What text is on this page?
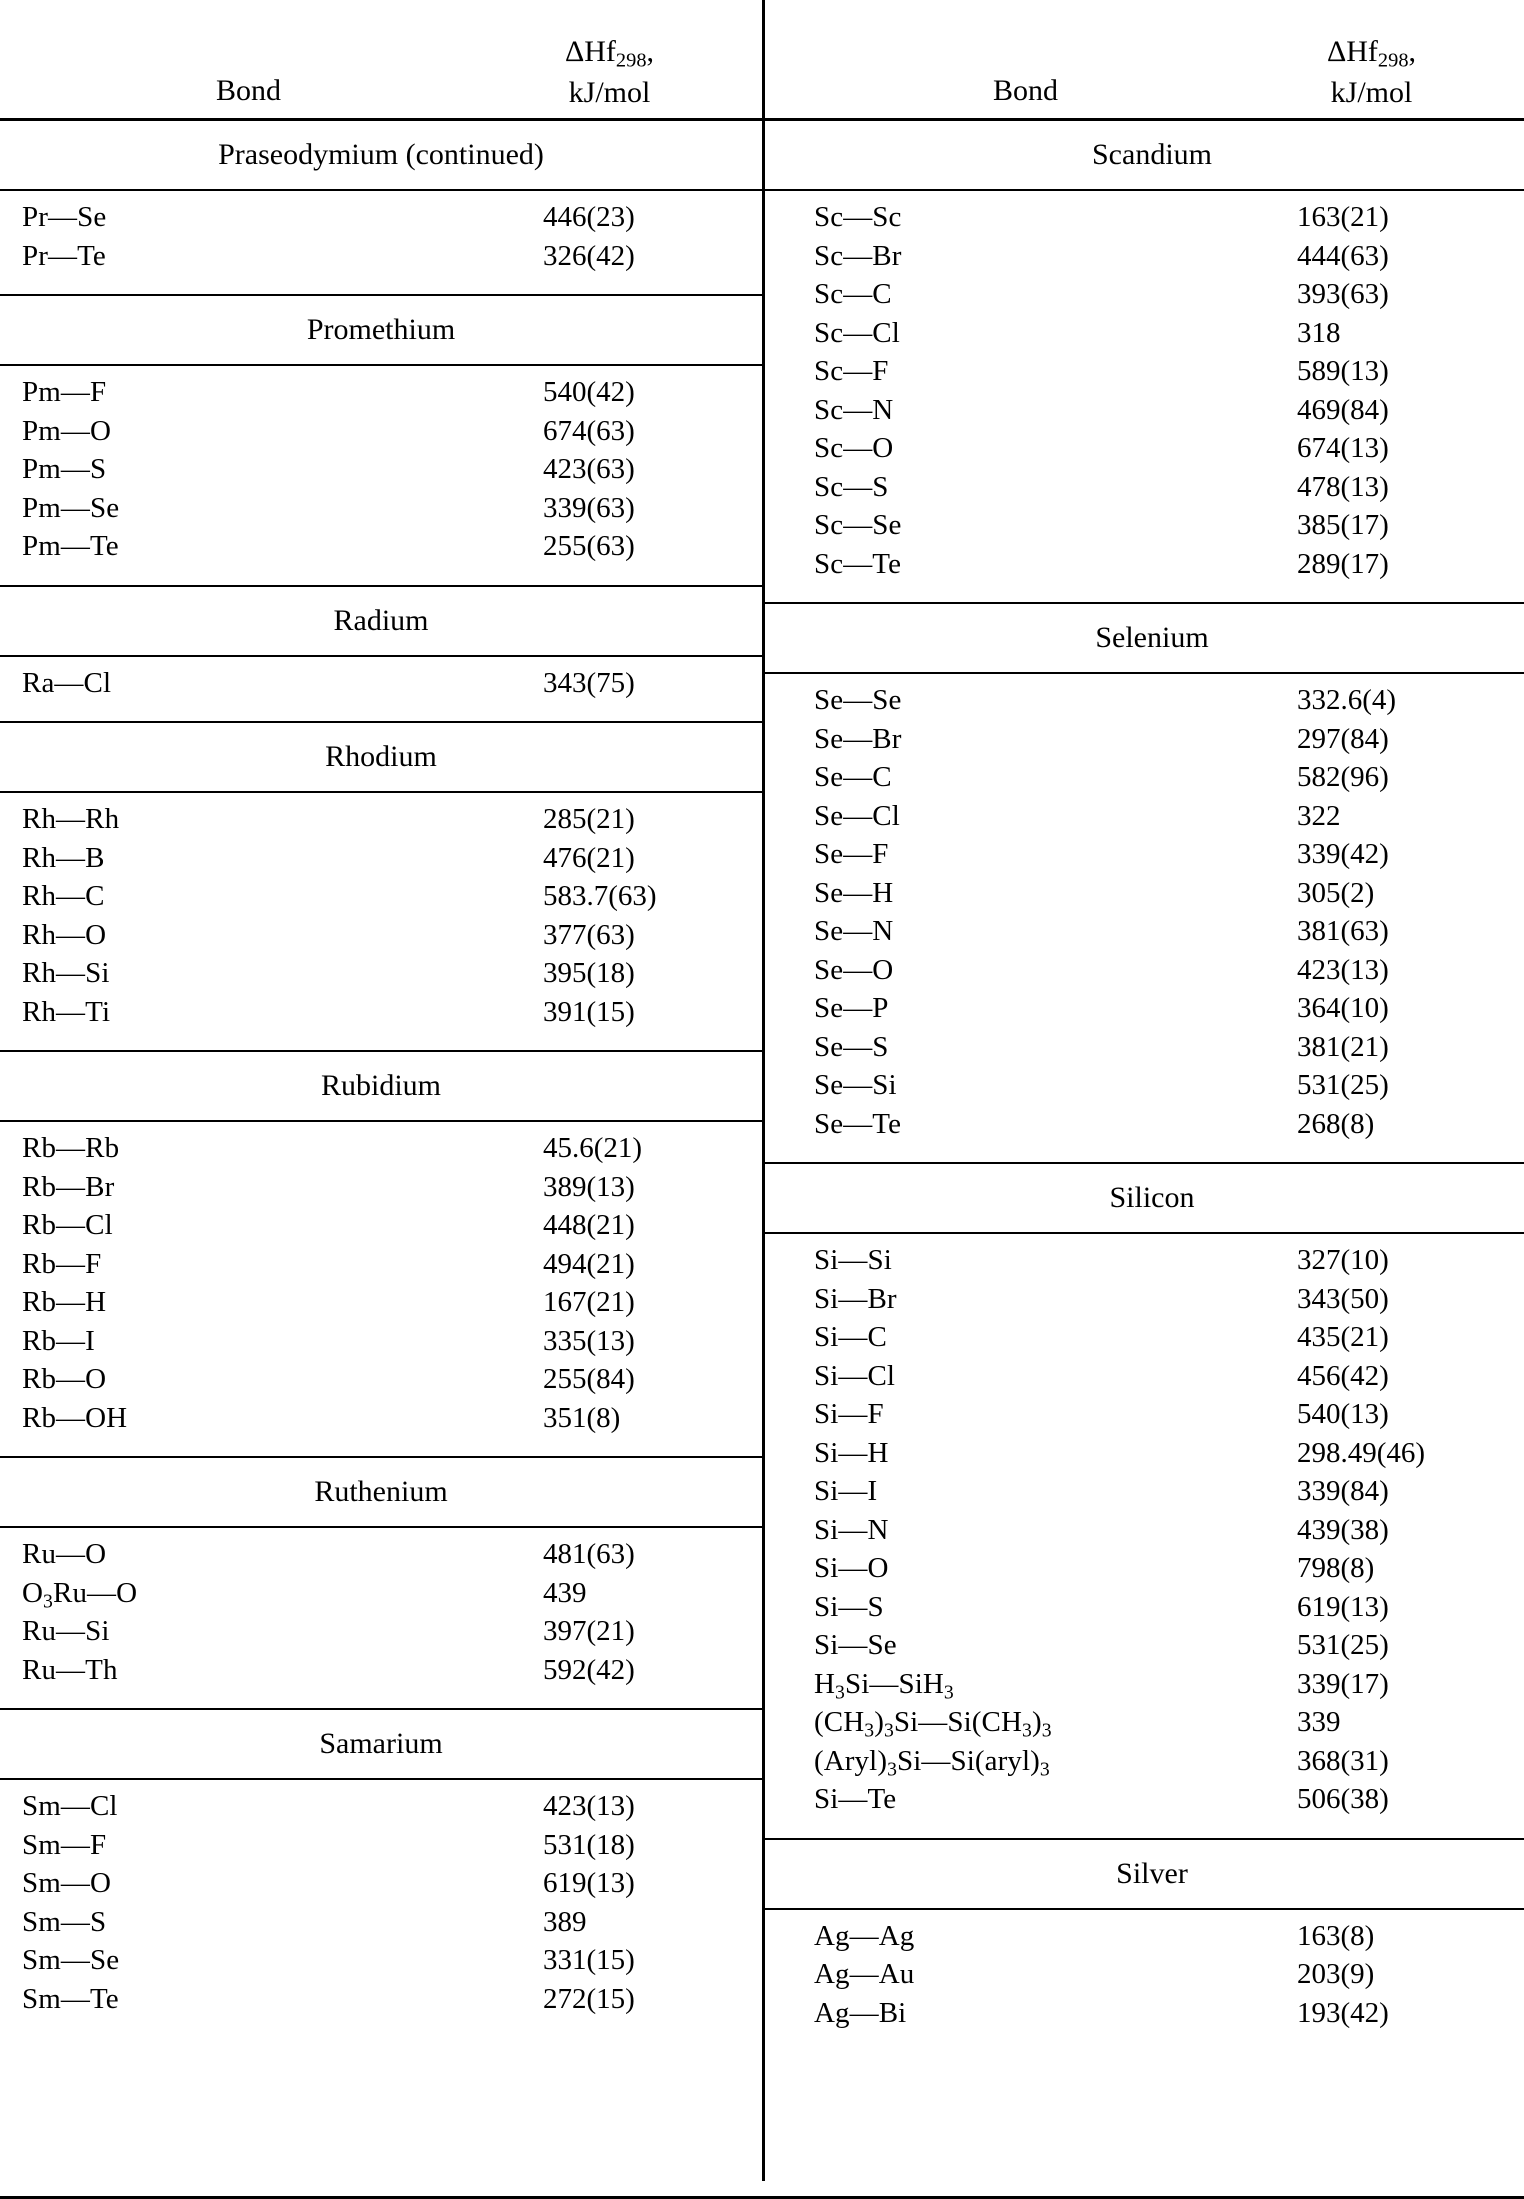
Bond
ΔHf$_{298}$,
kJ/mol
Praseodymium (continued)
Pr—Se	446(23)
Pr—Te	326(42)
Promethium
Pm—F	540(42)
Pm—O	674(63)
Pm—S	423(63)
Pm—Se	339(63)
Pm—Te	255(63)
Radium
Ra—Cl	343(75)
Rhodium
Rh—Rh	285(21)
Rh—B	476(21)
Rh—C	583.7(63)
Rh—O	377(63)
Rh—Si	395(18)
Rh—Ti	391(15)
Rubidium
Rb—Rb	45.6(21)
Rb—Br	389(13)
Rb—Cl	448(21)
Rb—F	494(21)
Rb—H	167(21)
Rb—I	335(13)
Rb—O	255(84)
Rb—OH	351(8)
Ruthenium
Ru—O	481(63)
$O_3Ru—O$	439
Ru—Si	397(21)
Ru—Th	592(42)
Samarium
Sm—Cl	423(13)
Sm—F	531(18)
Sm—O	619(13)
Sm—S	389
Sm—Se	331(15)
Sm—Te	272(15)
Bond
ΔHf$_{298}$,
kJ/mol
Scandium
Sc—Sc	163(21)
Sc—Br	444(63)
Sc—C	393(63)
Sc—Cl	318
Sc—F	589(13)
Sc—N	469(84)
Sc—O	674(13)
Sc—S	478(13)
Sc—Se	385(17)
Sc—Te	289(17)
Selenium
Se—Se	332.6(4)
Se—Br	297(84)
Se—C	582(96)
Se—Cl	322
Se—F	339(42)
Se—H	305(2)
Se—N	381(63)
Se—O	423(13)
Se—P	364(10)
Se—S	381(21)
Se—Si	531(25)
Se—Te	268(8)
Silicon
Si—Si	327(10)
Si—Br	343(50)
Si—C	435(21)
Si—Cl	456(42)
Si—F	540(13)
Si—H	298.49(46)
Si—I	339(84)
Si—N	439(38)
Si—O	798(8)
Si—S	619(13)
Si—Se	531(25)
$H_3Si—SiH_3$	339(17)
$(CH_3)_3Si—Si(CH_3)_3$	339
$(Aryl)_3Si—Si(aryl)_3$	368(31)
Si—Te	506(38)
Silver
Ag—Ag	163(8)
Ag—Au	203(9)
Ag—Bi	193(42)
